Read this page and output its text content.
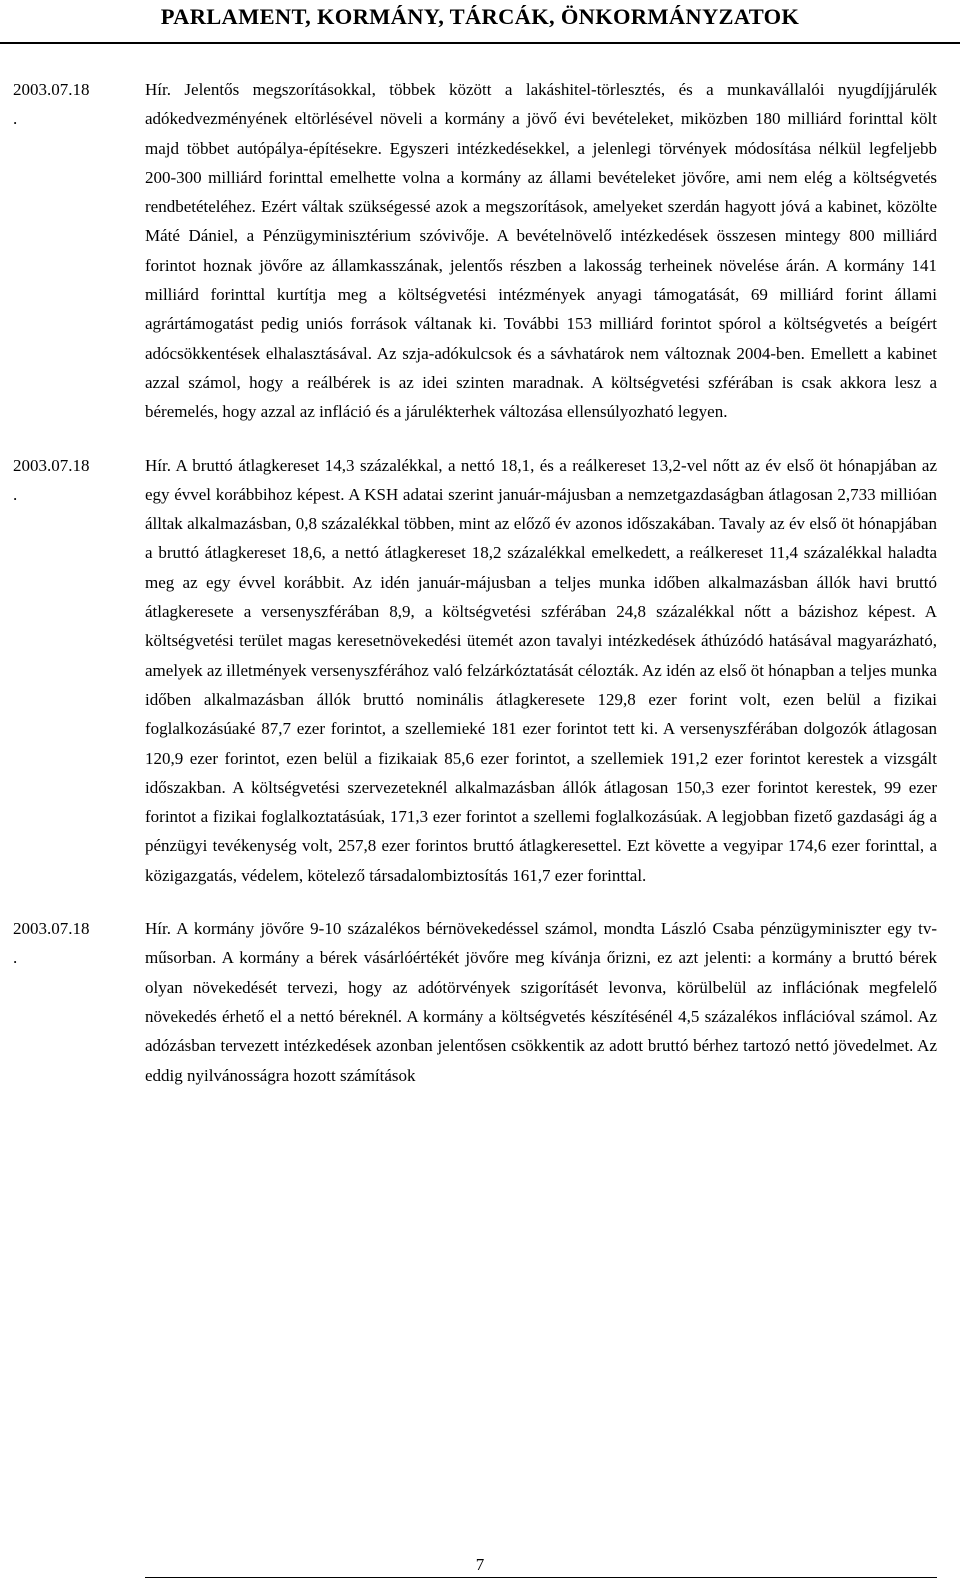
PARLAMENT, KORMÁNY, TÁRCÁK, ÖNKORMÁNYZATOK
2003.07.18
.
Hír. Jelentős megszorításokkal, többek között a lakáshitel-törlesztés, és a munkavállalói nyugdíjjárulék adókedvezményének eltörlésével növeli a kormány a jövő évi bevételeket, miközben 180 milliárd forinttal költ majd többet autópálya-építésekre. Egyszeri intézkedésekkel, a jelenlegi törvények módosítása nélkül legfeljebb 200-300 milliárd forinttal emelhette volna a kormány az állami bevételeket jövőre, ami nem elég a költségvetés rendbetételéhez. Ezért váltak szükségessé azok a megszorítások, amelyeket szerdán hagyott jóvá a kabinet, közölte Máté Dániel, a Pénzügyminisztérium szóvivője. A bevételnövelő intézkedések összesen mintegy 800 milliárd forintot hoznak jövőre az államkasszának, jelentős részben a lakosság terheinek növelése árán. A kormány 141 milliárd forinttal kurtítja meg a költségvetési intézmények anyagi támogatását, 69 milliárd forint állami agrártámogatást pedig uniós források váltanak ki. További 153 milliárd forintot spórol a költségvetés a beígért adócsökkentések elhalasztásával. Az szja-adókulcsok és a sávhatárok nem változnak 2004-ben. Emellett a kabinet azzal számol, hogy a reálbérek is az idei szinten maradnak. A költségvetési szférában is csak akkora lesz a béremelés, hogy azzal az infláció és a járulékterhek változása ellensúlyozható legyen.
2003.07.18
.
Hír. A bruttó átlagkereset 14,3 százalékkal, a nettó 18,1, és a reálkereset 13,2-vel nőtt az év első öt hónapjában az egy évvel korábbihoz képest. A KSH adatai szerint január-májusban a nemzetgazdaságban átlagosan 2,733 millióan álltak alkalmazásban, 0,8 százalékkal többen, mint az előző év azonos időszakában. Tavaly az év első öt hónapjában a bruttó átlagkereset 18,6, a nettó átlagkereset 18,2 százalékkal emelkedett, a reálkereset 11,4 százalékkal haladta meg az egy évvel korábbit. Az idén január-májusban a teljes munka időben alkalmazásban állók havi bruttó átlagkeresete a versenyszférában 8,9, a költségvetési szférában 24,8 százalékkal nőtt a bázishoz képest. A költségvetési terület magas keresetnövekedési ütemét azon tavalyi intézkedések áthúzódó hatásával magyarázható, amelyek az illetmények versenyszférához való felzárkóztatását célozták. Az idén az első öt hónapban a teljes munka időben alkalmazásban állók bruttó nominális átlagkeresete 129,8 ezer forint volt, ezen belül a fizikai foglalkozásúaké 87,7 ezer forintot, a szellemieké 181 ezer forintot tett ki. A versenyszférában dolgozók átlagosan 120,9 ezer forintot, ezen belül a fizikaiak 85,6 ezer forintot, a szellemiek 191,2 ezer forintot kerestek a vizsgált időszakban. A költségvetési szervezeteknél alkalmazásban állók átlagosan 150,3 ezer forintot kerestek, 99 ezer forintot a fizikai foglalkoztatásúak, 171,3 ezer forintot a szellemi foglalkozásúak. A legjobban fizető gazdasági ág a pénzügyi tevékenység volt, 257,8 ezer forintos bruttó átlagkeresettel. Ezt követte a vegyipar 174,6 ezer forinttal, a közigazgatás, védelem, kötelező társadalombiztosítás 161,7 ezer forinttal.
2003.07.18
.
Hír. A kormány jövőre 9-10 százalékos bérnövekedéssel számol, mondta László Csaba pénzügyminiszter egy tv-műsorban. A kormány a bérek vásárlóértékét jövőre meg kívánja őrizni, ez azt jelenti: a kormány a bruttó bérek olyan növekedését tervezi, hogy az adótörvények szigorításét levonva, körülbelül az inflációnak megfelelő növekedés érhető el a nettó béreknél. A kormány a költségvetés készítésénél 4,5 százalékos inflációval számol. Az adózásban tervezett intézkedések azonban jelentősen csökkentik az adott bruttó bérhez tartozó nettó jövedelmet. Az eddig nyilvánosságra hozott számítások
7
